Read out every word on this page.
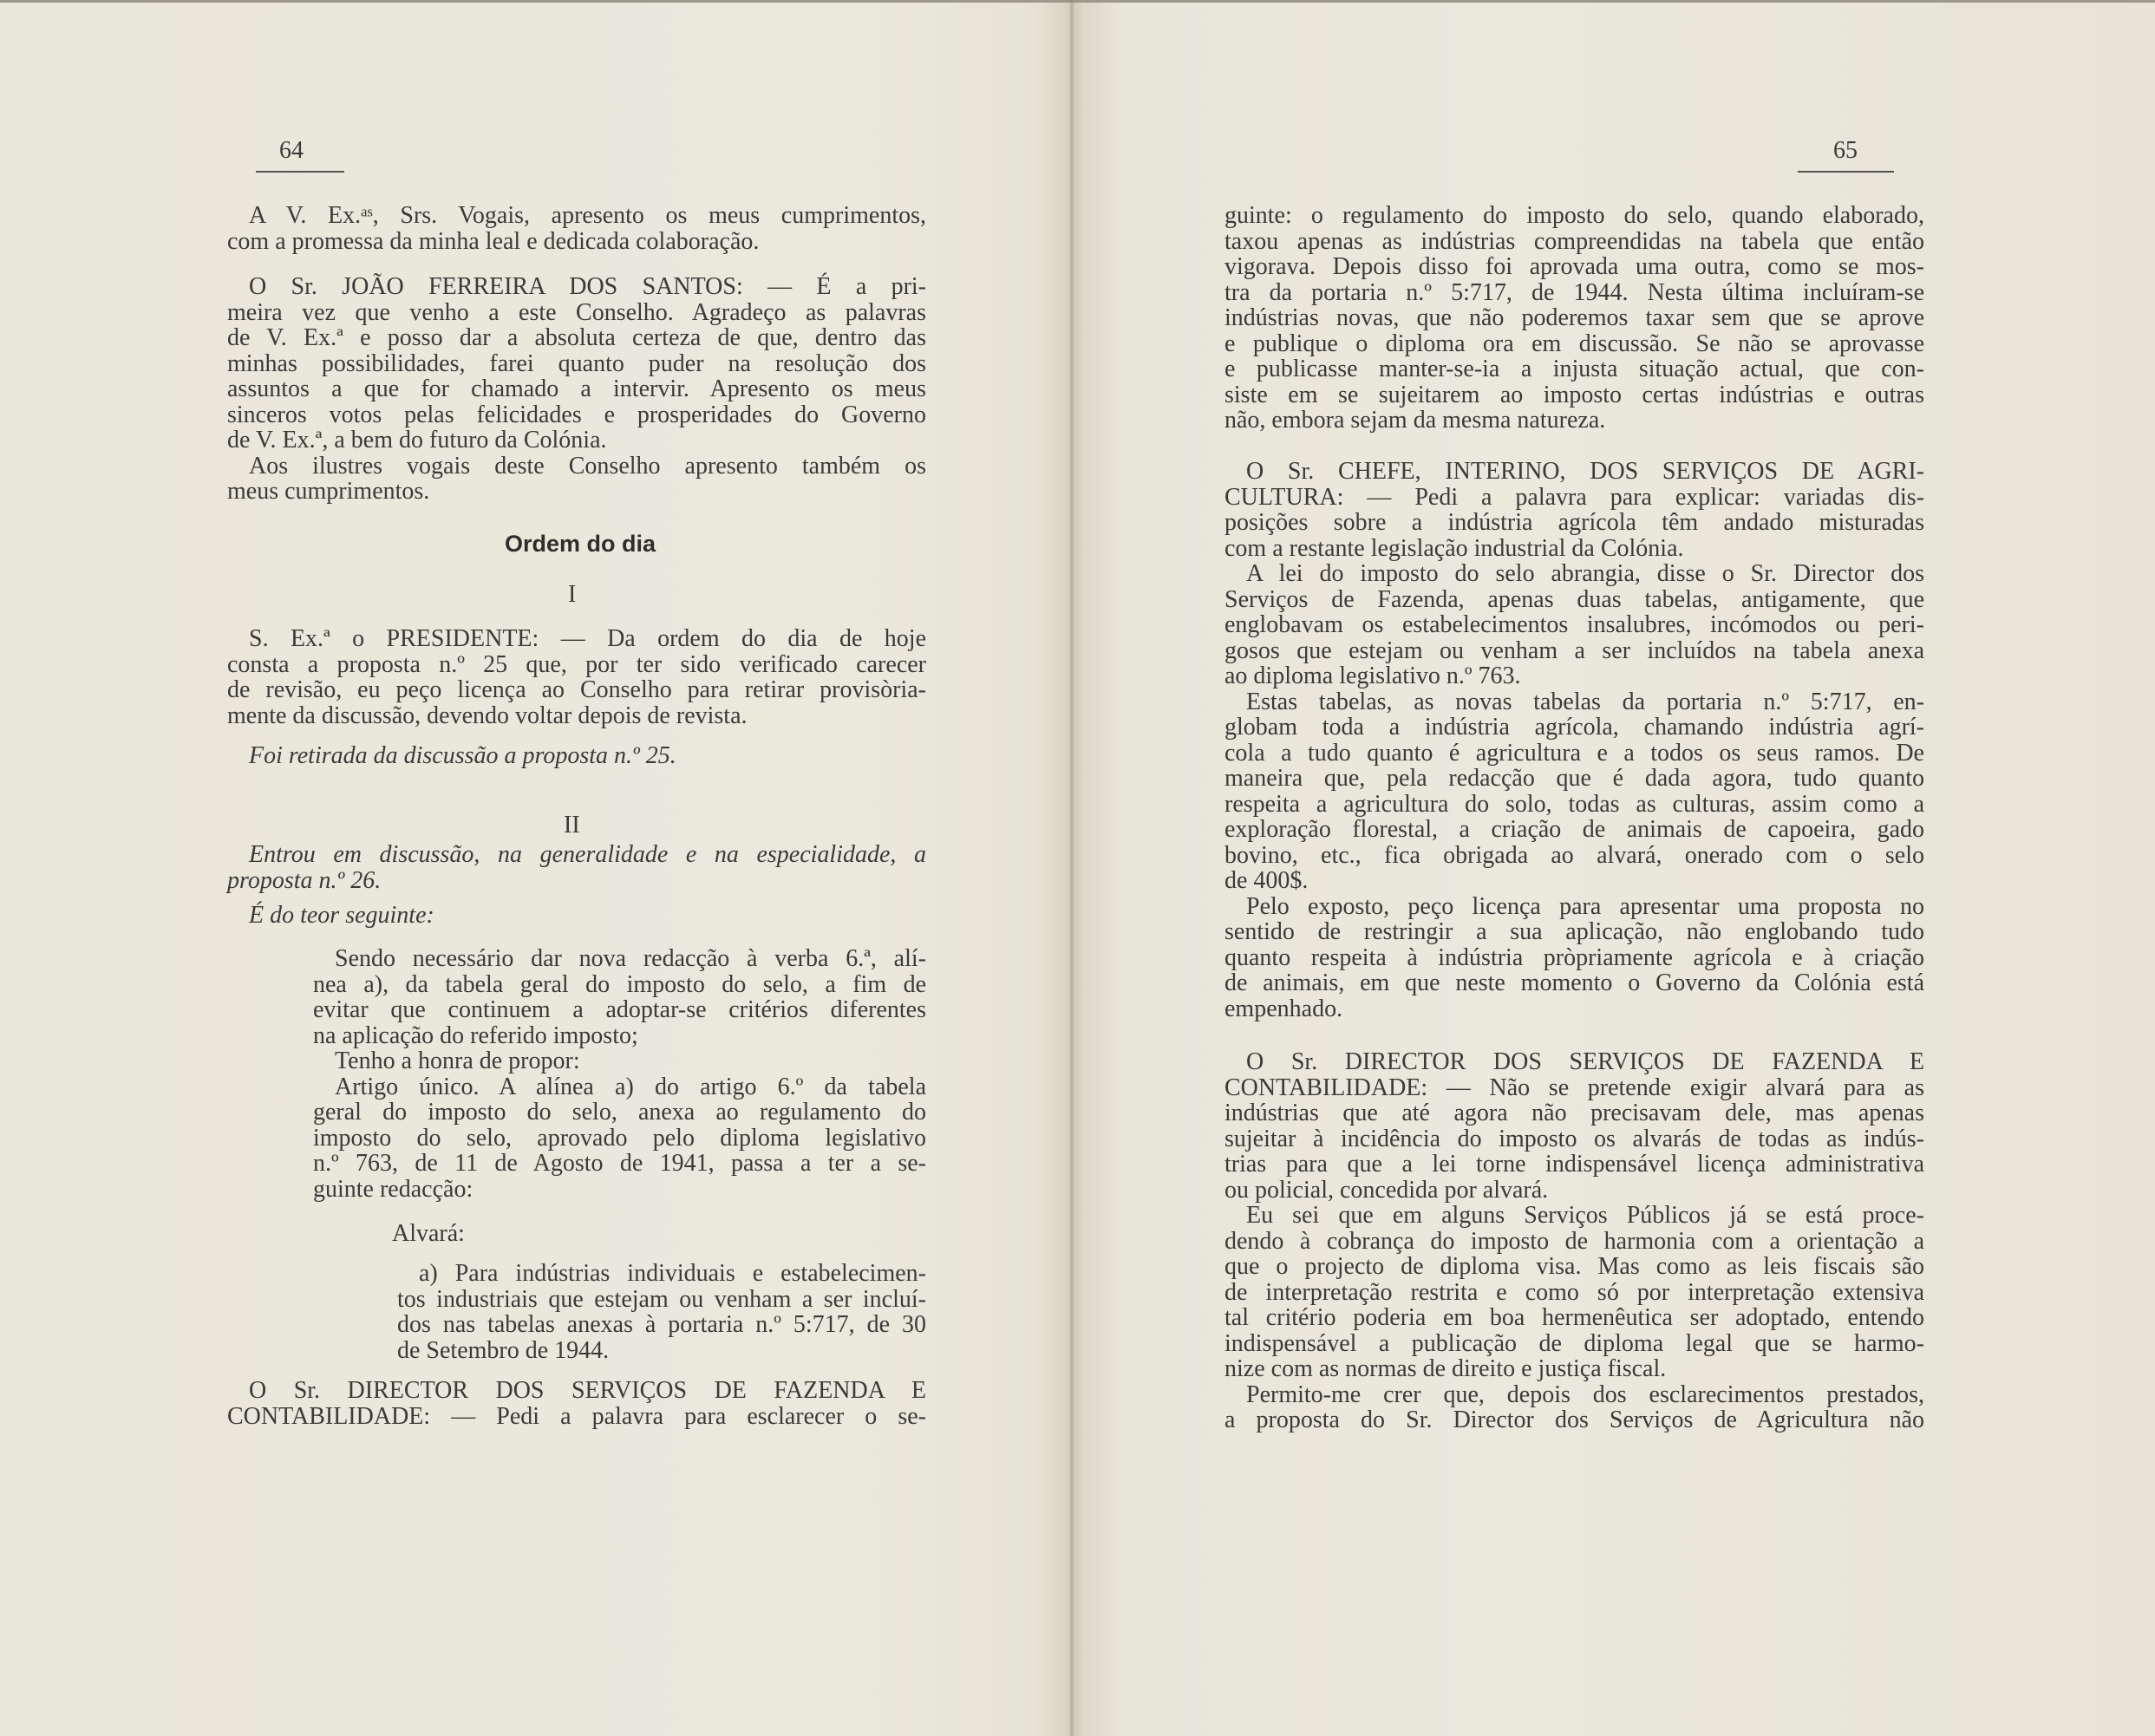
64
A V. Ex.ᵃˢ, Srs. Vogais, apresento os meus cumprimentos,
com a promessa da minha leal e dedicada colaboração.
O Sr. JOÃO FERREIRA DOS SANTOS: — É a pri-
meira vez que venho a este Conselho. Agradeço as palavras
de V. Ex.ª e posso dar a absoluta certeza de que, dentro das
minhas possibilidades, farei quanto puder na resolução dos
assuntos a que for chamado a intervir. Apresento os meus
sinceros votos pelas felicidades e prosperidades do Governo
de V. Ex.ª, a bem do futuro da Colónia.
Aos ilustres vogais deste Conselho apresento também os
meus cumprimentos.
Ordem do dia
I
S. Ex.ª o PRESIDENTE: — Da ordem do dia de hoje
consta a proposta n.º 25 que, por ter sido verificado carecer
de revisão, eu peço licença ao Conselho para retirar provisòria-
mente da discussão, devendo voltar depois de revista.
Foi retirada da discussão a proposta n.º 25.
II
Entrou em discussão, na generalidade e na especialidade, a
proposta n.º 26.
É do teor seguinte:
Sendo necessário dar nova redacção à verba 6.ª, alí-
nea a), da tabela geral do imposto do selo, a fim de
evitar que continuem a adoptar-se critérios diferentes
na aplicação do referido imposto;
Tenho a honra de propor:
Artigo único. A alínea a) do artigo 6.º da tabela
geral do imposto do selo, anexa ao regulamento do
imposto do selo, aprovado pelo diploma legislativo
n.º 763, de 11 de Agosto de 1941, passa a ter a se-
guinte redacção:
Alvará:
a) Para indústrias individuais e estabelecimen-
tos industriais que estejam ou venham a ser incluí-
dos nas tabelas anexas à portaria n.º 5:717, de 30
de Setembro de 1944.
O Sr. DIRECTOR DOS SERVIÇOS DE FAZENDA E
CONTABILIDADE: — Pedi a palavra para esclarecer o se-
65
guinte: o regulamento do imposto do selo, quando elaborado,
taxou apenas as indústrias compreendidas na tabela que então
vigorava. Depois disso foi aprovada uma outra, como se mos-
tra da portaria n.º 5:717, de 1944. Nesta última incluíram-se
indústrias novas, que não poderemos taxar sem que se aprove
e publique o diploma ora em discussão. Se não se aprovasse
e publicasse manter-se-ia a injusta situação actual, que con-
siste em se sujeitarem ao imposto certas indústrias e outras
não, embora sejam da mesma natureza.
O Sr. CHEFE, INTERINO, DOS SERVIÇOS DE AGRI-
CULTURA: — Pedi a palavra para explicar: variadas dis-
posições sobre a indústria agrícola têm andado misturadas
com a restante legislação industrial da Colónia.
A lei do imposto do selo abrangia, disse o Sr. Director dos
Serviços de Fazenda, apenas duas tabelas, antigamente, que
englobavam os estabelecimentos insalubres, incómodos ou peri-
gosos que estejam ou venham a ser incluídos na tabela anexa
ao diploma legislativo n.º 763.
Estas tabelas, as novas tabelas da portaria n.º 5:717, en-
globam toda a indústria agrícola, chamando indústria agrí-
cola a tudo quanto é agricultura e a todos os seus ramos. De
maneira que, pela redacção que é dada agora, tudo quanto
respeita a agricultura do solo, todas as culturas, assim como a
exploração florestal, a criação de animais de capoeira, gado
bovino, etc., fica obrigada ao alvará, onerado com o selo
de 400$.
Pelo exposto, peço licença para apresentar uma proposta no
sentido de restringir a sua aplicação, não englobando tudo
quanto respeita à indústria pròpriamente agrícola e à criação
de animais, em que neste momento o Governo da Colónia está
empenhado.
O Sr. DIRECTOR DOS SERVIÇOS DE FAZENDA E
CONTABILIDADE: — Não se pretende exigir alvará para as
indústrias que até agora não precisavam dele, mas apenas
sujeitar à incidência do imposto os alvarás de todas as indús-
trias para que a lei torne indispensável licença administrativa
ou policial, concedida por alvará.
Eu sei que em alguns Serviços Públicos já se está proce-
dendo à cobrança do imposto de harmonia com a orientação a
que o projecto de diploma visa. Mas como as leis fiscais são
de interpretação restrita e como só por interpretação extensiva
tal critério poderia em boa hermenêutica ser adoptado, entendo
indispensável a publicação de diploma legal que se harmo-
nize com as normas de direito e justiça fiscal.
Permito-me crer que, depois dos esclarecimentos prestados,
a proposta do Sr. Director dos Serviços de Agricultura não
